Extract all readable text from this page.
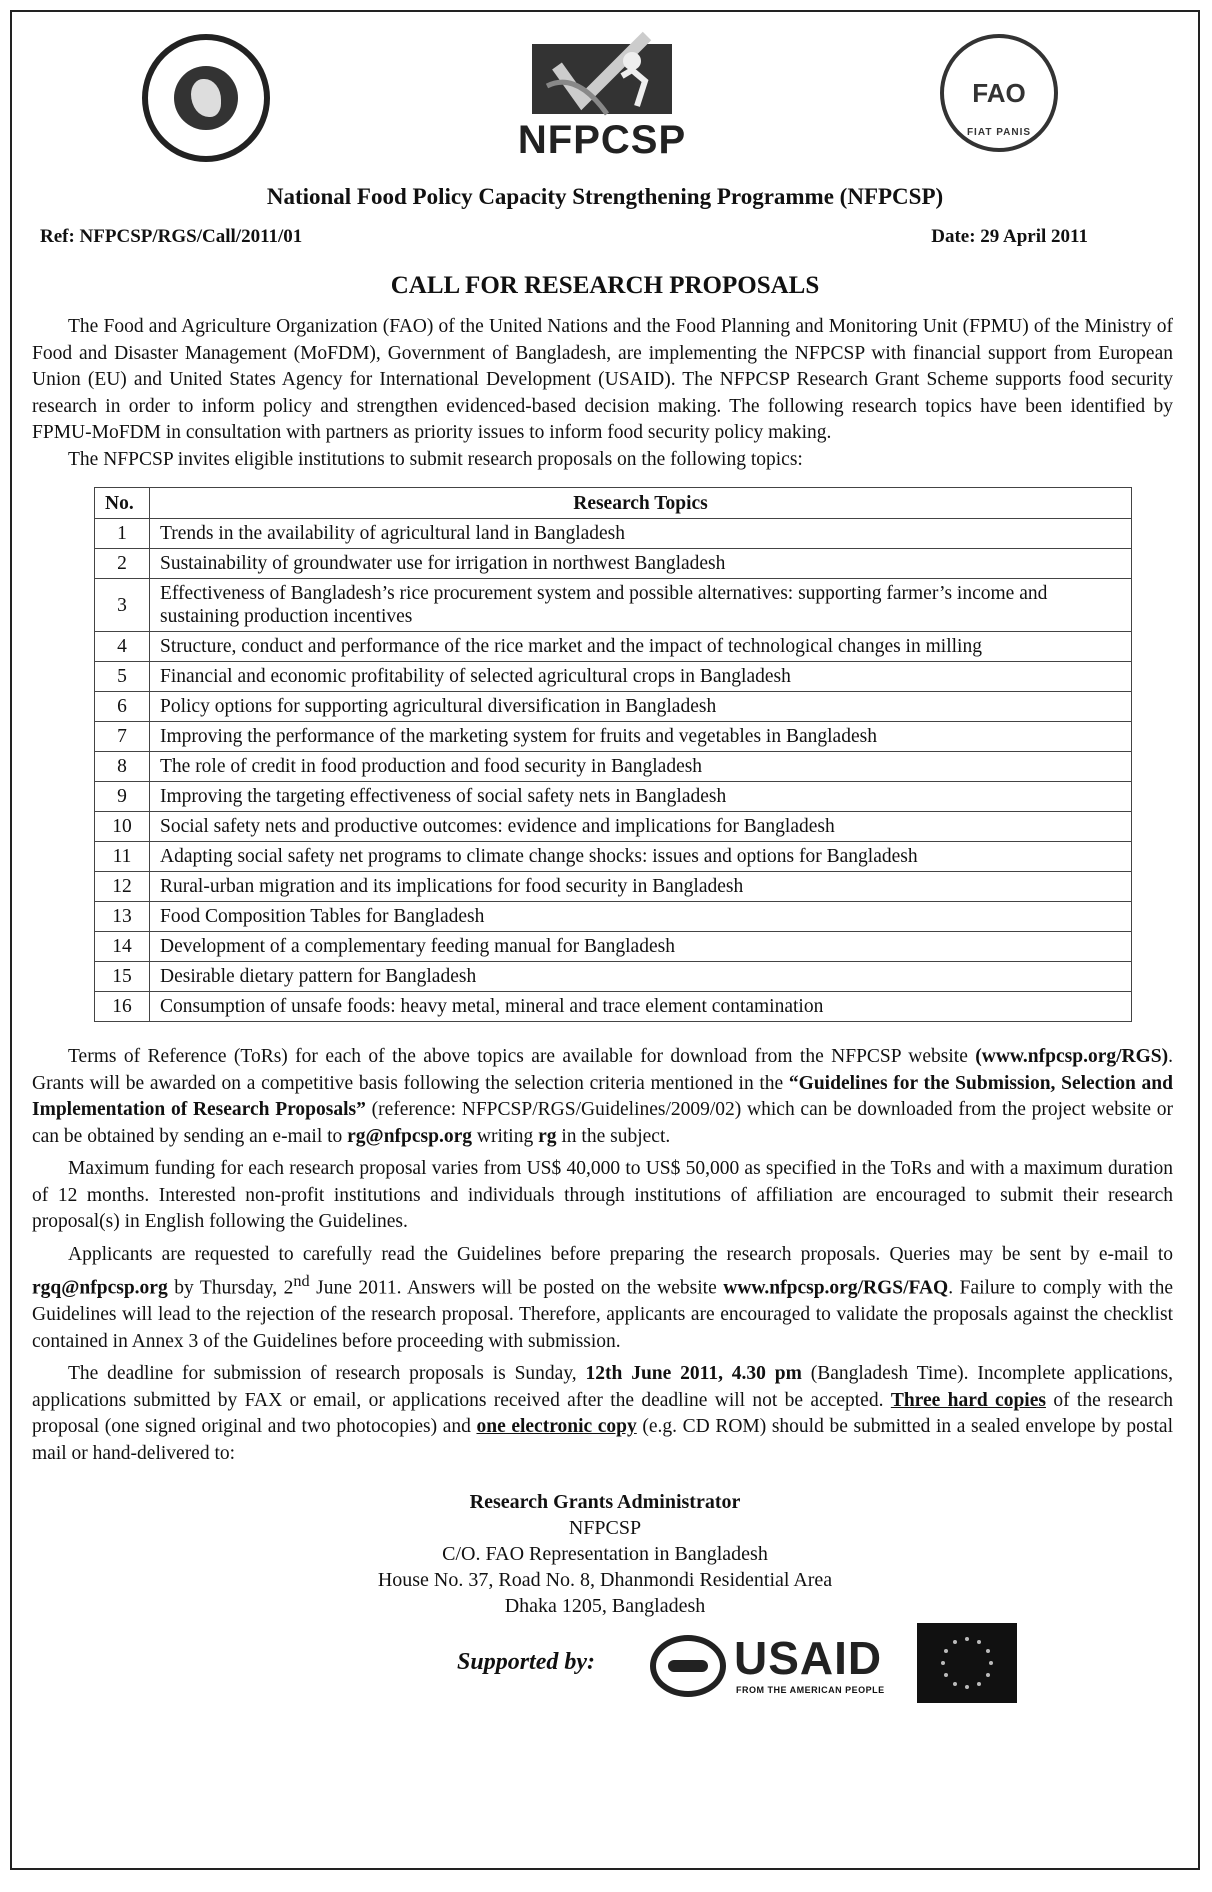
NFPCSP
FAO
FIAT PANIS
National Food Policy Capacity Strengthening Programme (NFPCSP)
Ref: NFPCSP/RGS/Call/2011/01	Date: 29 April 2011
CALL FOR RESEARCH PROPOSALS

The Food and Agriculture Organization (FAO) of the United Nations and the Food Planning and Monitoring Unit (FPMU) of the Ministry of Food and Disaster Management (MoFDM), Government of Bangladesh, are implementing the NFPCSP with financial support from European Union (EU) and United States Agency for International Development (USAID). The NFPCSP Research Grant Scheme supports food security research in order to inform policy and strengthen evidenced-based decision making. The following research topics have been identified by FPMU-MoFDM in consultation with partners as priority issues to inform food security policy making.

The NFPCSP invites eligible institutions to submit research proposals on the following topics:

No.	Research Topics
1	Trends in the availability of agricultural land in Bangladesh
2	Sustainability of groundwater use for irrigation in northwest Bangladesh
3	Effectiveness of Bangladesh’s rice procurement system and possible alternatives: supporting farmer’s income and sustaining production incentives
4	Structure, conduct and performance of the rice market and the impact of technological changes in milling
5	Financial and economic profitability of selected agricultural crops in Bangladesh
6	Policy options for supporting agricultural diversification in Bangladesh
7	Improving the performance of the marketing system for fruits and vegetables in Bangladesh
8	The role of credit in food production and food security in Bangladesh
9	Improving the targeting effectiveness of social safety nets in Bangladesh
10	Social safety nets and productive outcomes: evidence and implications for Bangladesh
11	Adapting social safety net programs to climate change shocks: issues and options for Bangladesh
12	Rural-urban migration and its implications for food security in Bangladesh
13	Food Composition Tables for Bangladesh
14	Development of a complementary feeding manual for Bangladesh
15	Desirable dietary pattern for Bangladesh
16	Consumption of unsafe foods: heavy metal, mineral and trace element contamination

Terms of Reference (ToRs) for each of the above topics are available for download from the NFPCSP website (www.nfpcsp.org/RGS). Grants will be awarded on a competitive basis following the selection criteria mentioned in the “Guidelines for the Submission, Selection and Implementation of Research Proposals” (reference: NFPCSP/RGS/Guidelines/2009/02) which can be downloaded from the project website or can be obtained by sending an e-mail to rg@nfpcsp.org writing rg in the subject.

Maximum funding for each research proposal varies from US$ 40,000 to US$ 50,000 as specified in the ToRs and with a maximum duration of 12 months. Interested non-profit institutions and individuals through institutions of affiliation are encouraged to submit their research proposal(s) in English following the Guidelines.

Applicants are requested to carefully read the Guidelines before preparing the research proposals. Queries may be sent by e-mail to rgq@nfpcsp.org by Thursday, 2nd June 2011. Answers will be posted on the website www.nfpcsp.org/RGS/FAQ. Failure to comply with the Guidelines will lead to the rejection of the research proposal. Therefore, applicants are encouraged to validate the proposals against the checklist contained in Annex 3 of the Guidelines before proceeding with submission.

The deadline for submission of research proposals is Sunday, 12th June 2011, 4.30 pm (Bangladesh Time). Incomplete applications, applications submitted by FAX or email, or applications received after the deadline will not be accepted. Three hard copies of the research proposal (one signed original and two photocopies) and one electronic copy (e.g. CD ROM) should be submitted in a sealed envelope by postal mail or hand-delivered to:

Research Grants Administrator
NFPCSP
C/O. FAO Representation in Bangladesh
House No. 37, Road No. 8, Dhanmondi Residential Area
Dhaka 1205, Bangladesh
Supported by:	USAID
FROM THE AMERICAN PEOPLE
